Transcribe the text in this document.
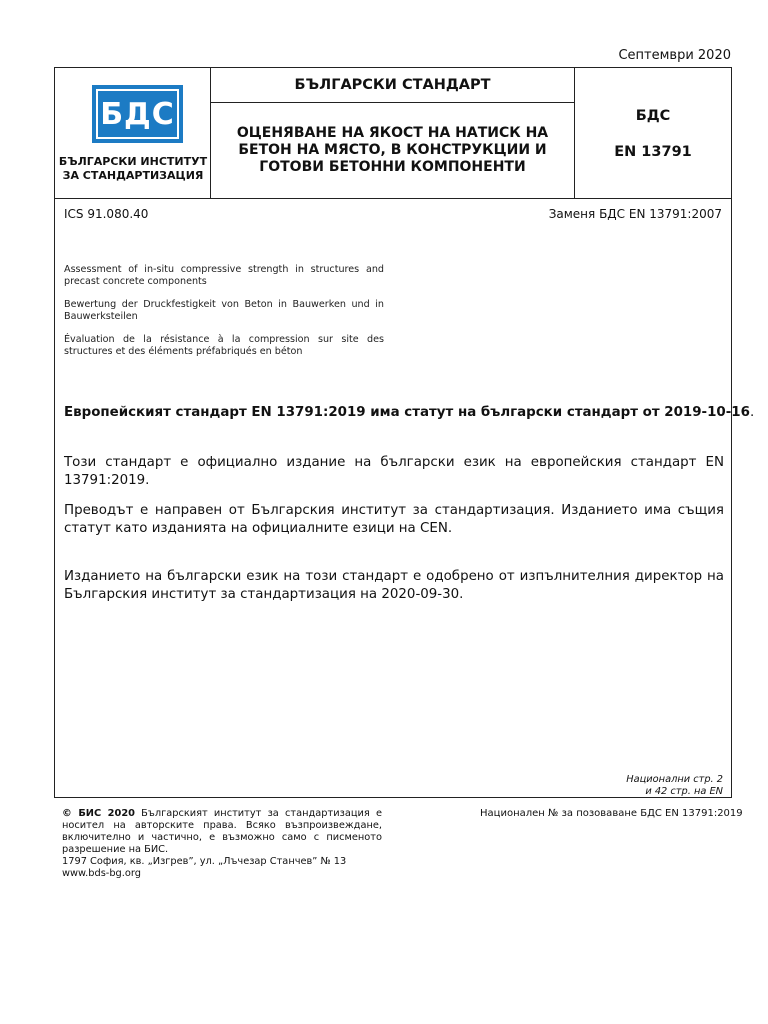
Септември 2020
БДС
БЪЛГАРСКИ ИНСТИТУТ ЗА СТАНДАРТИЗАЦИЯ
БЪЛГАРСКИ СТАНДАРТ
ОЦЕНЯВАНЕ НА ЯКОСТ НА НАТИСК НА БЕТОН НА МЯСТО, В КОНСТРУКЦИИ И ГОТОВИ БЕТОННИ КОМПОНЕНТИ
БДС
EN 13791
ICS 91.080.40	Заменя БДС EN 13791:2007
Assessment of in-situ compressive strength in structures and precast concrete components
Bewertung der Druckfestigkeit von Beton in Bauwerken und in Bauwerksteilen
Évaluation de la résistance à la compression sur site des structures et des éléments préfabriqués en béton
Европейският стандарт EN 13791:2019 има статут на български стандарт от 2019-10-16.
Този стандарт е официално издание на български език на европейския стандарт EN 13791:2019.
Преводът е направен от Българския институт за стандартизация. Изданието има същия статут като изданията на официалните езици на CEN.
Изданието на български език на този стандарт е одобрено от изпълнителния директор на Българския институт за стандартизация на 2020-09-30.
Национални стр. 2
и 42 стр. на EN
© БИС 2020 Българският институт за стандартизация е носител на авторските права. Всяко възпроизвеждане, включително и частично, е възможно само с писменото разрешение на БИС.
1797 София, кв. „Изгрев”, ул. „Лъчезар Станчев” № 13
www.bds-bg.org
Национален № за позоваване БДС EN 13791:2019
